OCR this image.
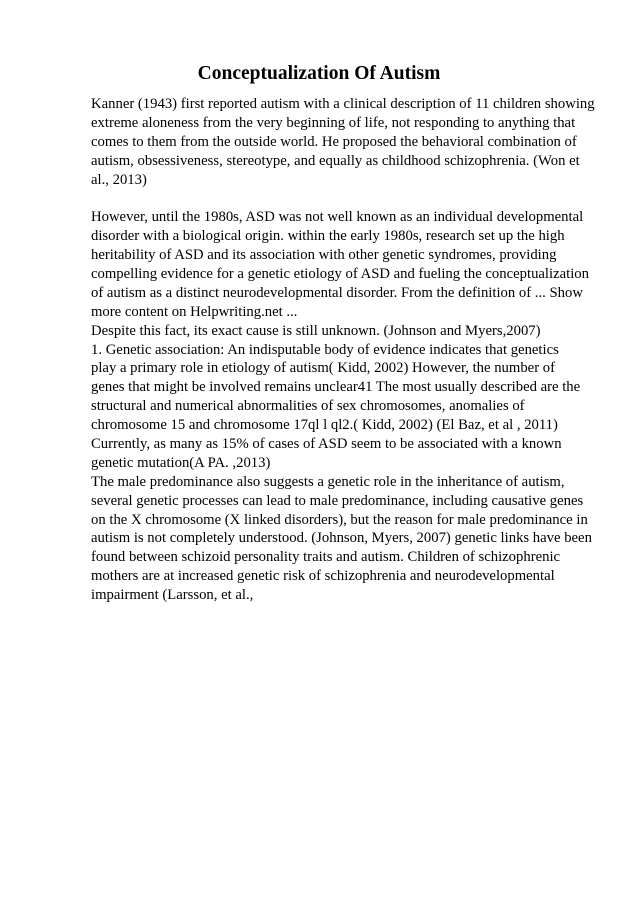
Conceptualization Of Autism
Kanner (1943) first reported autism with a clinical description of 11 children showing
extreme aloneness from the very beginning of life, not responding to anything that
comes to them from the outside world. He proposed the behavioral combination of
autism, obsessiveness, stereotype, and equally as childhood schizophrenia. (Won et
al., 2013)
However, until the 1980s, ASD was not well known as an individual developmental
disorder with a biological origin. within the early 1980s, research set up the high
heritability of ASD and its association with other genetic syndromes, providing
compelling evidence for a genetic etiology of ASD and fueling the conceptualization
of autism as a distinct neurodevelopmental disorder. From the definition of ... Show
more content on Helpwriting.net ...
Despite this fact, its exact cause is still unknown. (Johnson and Myers,2007)
1. Genetic association: An indisputable body of evidence indicates that genetics
play a primary role in etiology of autism( Kidd, 2002) However, the number of
genes that might be involved remains unclear41 The most usually described are the
structural and numerical abnormalities of sex chromosomes, anomalies of
chromosome 15 and chromosome 17ql l ql2.( Kidd, 2002) (El Baz, et al , 2011)
Currently, as many as 15% of cases of ASD seem to be associated with a known
genetic mutation(A PA. ,2013)
The male predominance also suggests a genetic role in the inheritance of autism,
several genetic processes can lead to male predominance, including causative genes
on the X chromosome (X linked disorders), but the reason for male predominance in
autism is not completely understood. (Johnson, Myers, 2007) genetic links have been
found between schizoid personality traits and autism. Children of schizophrenic
mothers are at increased genetic risk of schizophrenia and neurodevelopmental
impairment (Larsson, et al.,
